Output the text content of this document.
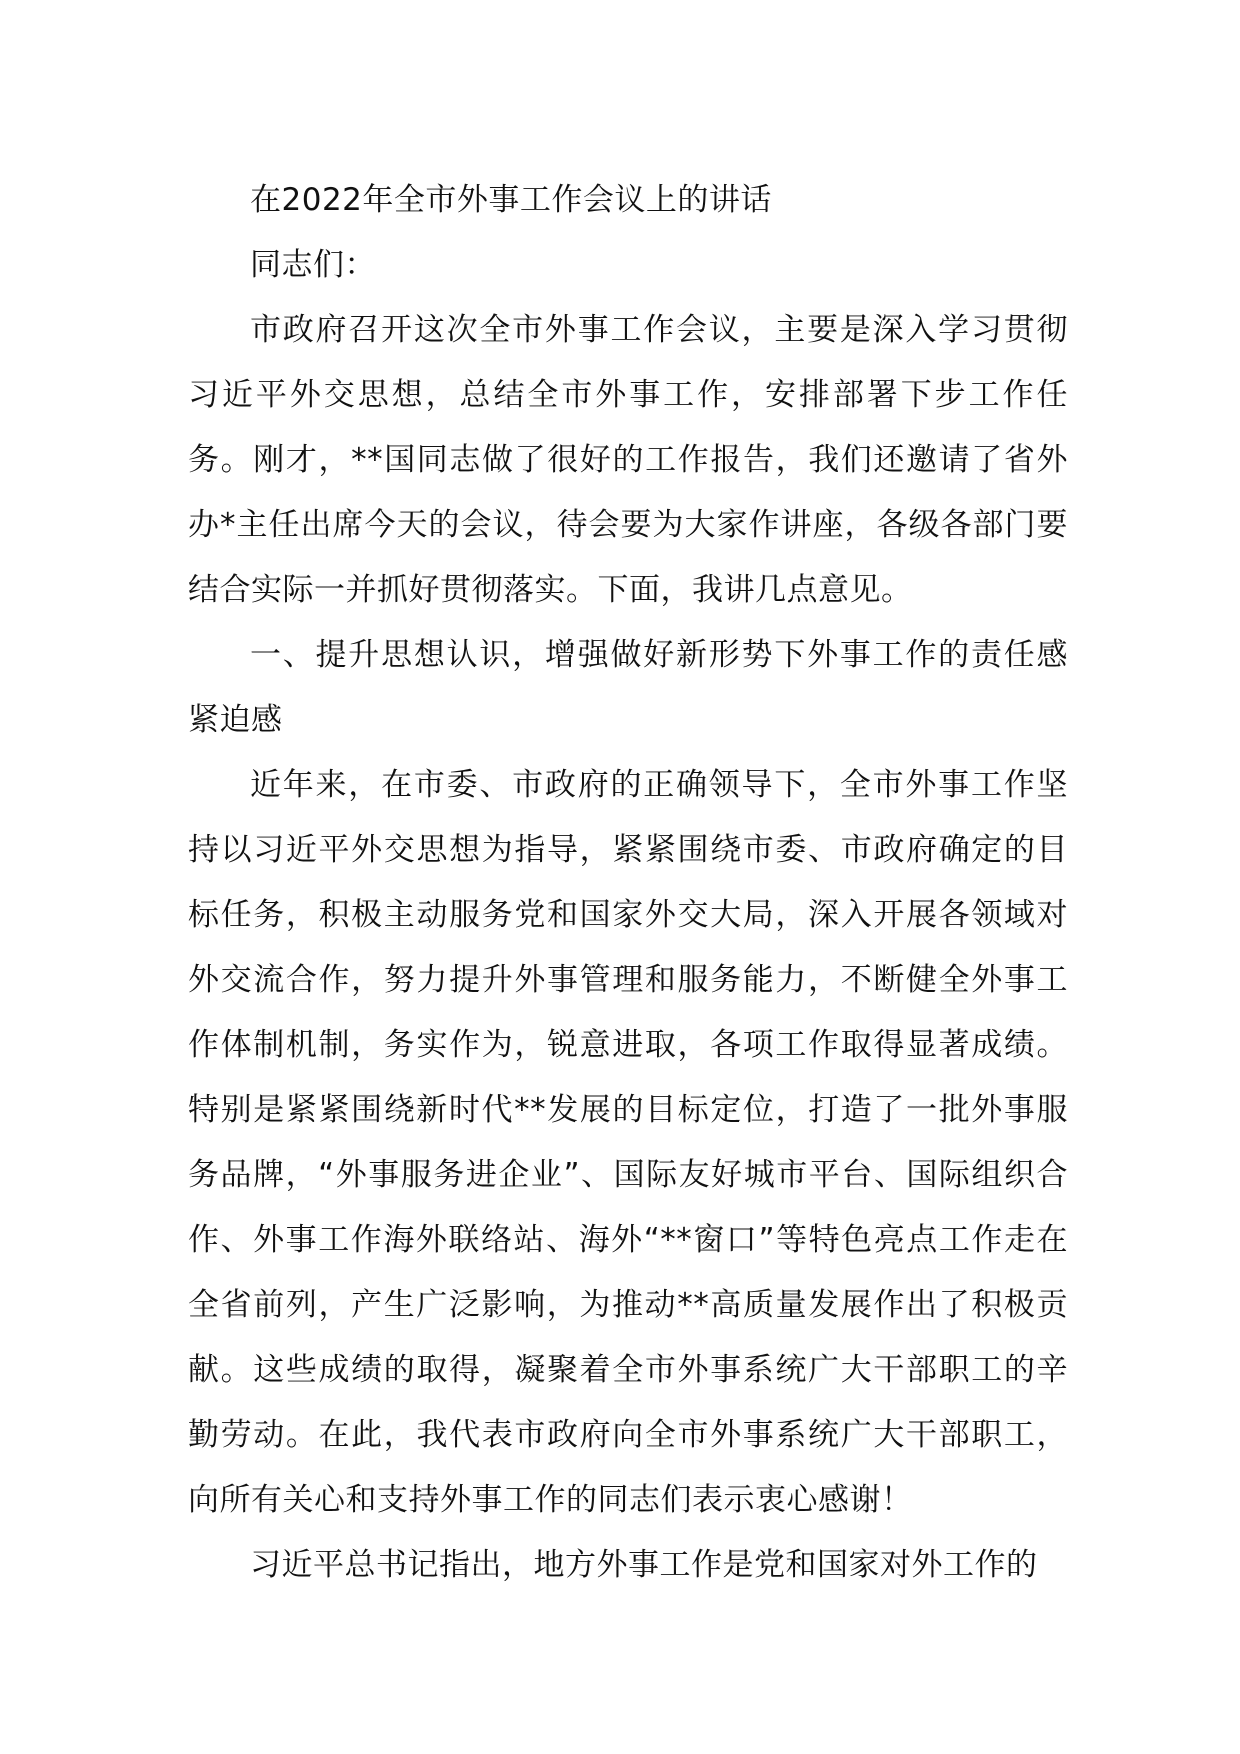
在2022年全市外事工作会议上的讲话

同志们：

市政府召开这次全市外事工作会议，主要是深入学习贯彻习近平外交思想，总结全市外事工作，安排部署下步工作任务。刚才，**国同志做了很好的工作报告，我们还邀请了省外办*主任出席今天的会议，待会要为大家作讲座，各级各部门要结合实际一并抓好贯彻落实。下面，我讲几点意见。

一、提升思想认识，增强做好新形势下外事工作的责任感紧迫感

近年来，在市委、市政府的正确领导下，全市外事工作坚持以习近平外交思想为指导，紧紧围绕市委、市政府确定的目标任务，积极主动服务党和国家外交大局，深入开展各领域对外交流合作，努力提升外事管理和服务能力，不断健全外事工作体制机制，务实作为，锐意进取，各项工作取得显著成绩。特别是紧紧围绕新时代**发展的目标定位，打造了一批外事服务品牌，“外事服务进企业”、国际友好城市平台、国际组织合作、外事工作海外联络站、海外“**窗口”等特色亮点工作走在全省前列，产生广泛影响，为推动**高质量发展作出了积极贡献。这些成绩的取得，凝聚着全市外事系统广大干部职工的辛勤劳动。在此，我代表市政府向全市外事系统广大干部职工，向所有关心和支持外事工作的同志们表示衷心感谢！

习近平总书记指出，地方外事工作是党和国家对外工作的
